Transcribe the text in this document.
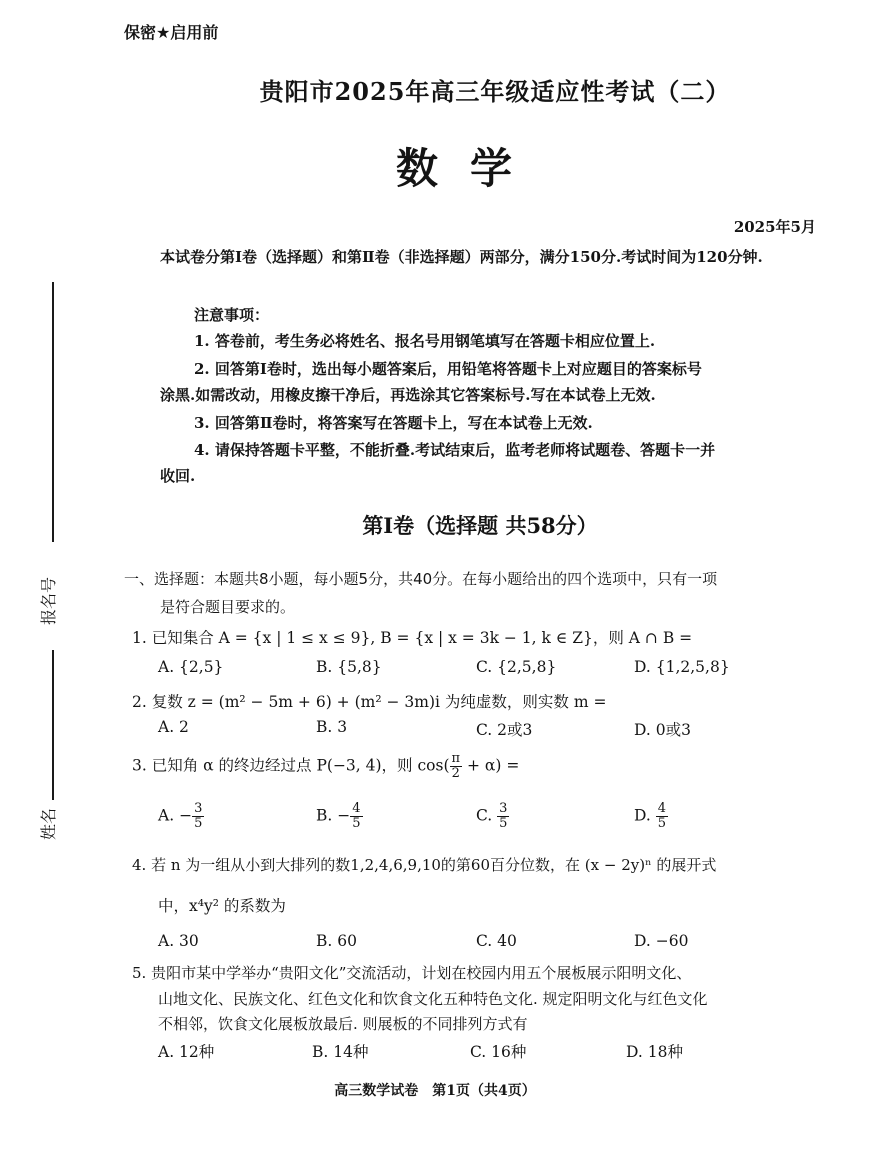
保密★启用前
贵阳市2025年高三年级适应性考试（二）
数学
2025年5月
本试卷分第Ⅰ卷（选择题）和第Ⅱ卷（非选择题）两部分，满分150分.考试时间为120分钟.
注意事项：
1. 答卷前，考生务必将姓名、报名号用钢笔填写在答题卡相应位置上.
2. 回答第Ⅰ卷时，选出每小题答案后，用铅笔将答题卡上对应题目的答案标号
涂黑.如需改动，用橡皮擦干净后，再选涂其它答案标号.写在本试卷上无效.
3. 回答第Ⅱ卷时，将答案写在答题卡上，写在本试卷上无效.
4. 请保持答题卡平整，不能折叠.考试结束后，监考老师将试题卷、答题卡一并
收回.
报名号
姓名
第Ⅰ卷（选择题 共58分）
一、选择题：本题共8小题，每小题5分，共40分。在每小题给出的四个选项中，只有一项
是符合题目要求的。
1. 已知集合 A = {x | 1 ≤ x ≤ 9}, B = {x | x = 3k − 1, k ∈ Z}，则 A ∩ B =
A. {2,5}	B. {5,8}	C. {2,5,8}	D. {1,2,5,8}
2. 复数 z = (m² − 5m + 6) + (m² − 3m)i 为纯虚数，则实数 m =
A. 2	B. 3	C. 2或3	D. 0或3
3. 已知角 α 的终边经过点 P(−3, 4)，则 $\cos( \frac{\pi}{2} + \alpha)$ =
A. − $\frac{3}{5}$	B. − $\frac{4}{5}$	C. $\frac{3}{5}$	D. $\frac{4}{5}$
4. 若 n 为一组从小到大排列的数1,2,4,6,9,10的第60百分位数，在 (x − 2y)ⁿ 的展开式
中，x⁴y² 的系数为
A. 30	B. 60	C. 40	D. −60
5. 贵阳市某中学举办“贵阳文化”交流活动，计划在校园内用五个展板展示阳明文化、
山地文化、民族文化、红色文化和饮食文化五种特色文化. 规定阳明文化与红色文化
不相邻，饮食文化展板放最后. 则展板的不同排列方式有
A. 12种	B. 14种	C. 16种	D. 18种
高三数学试卷　第1页（共4页）
